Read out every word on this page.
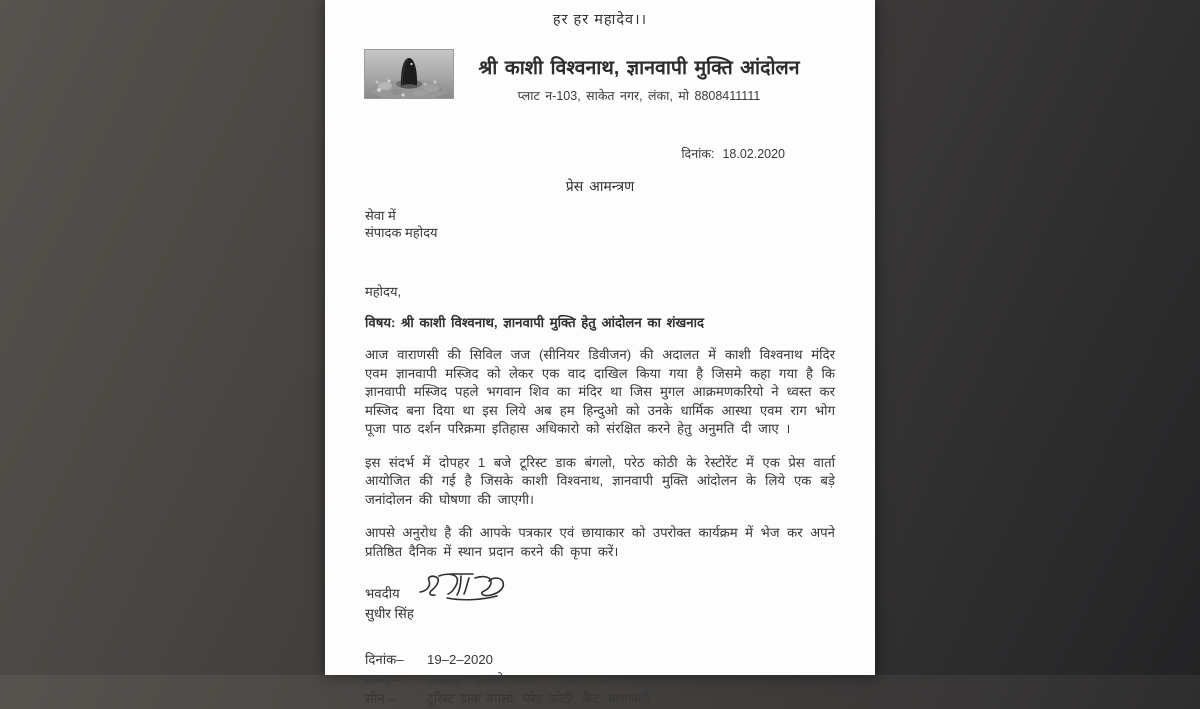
हर हर महादेव।।
श्री काशी विश्वनाथ, ज्ञानवापी मुक्ति आंदोलन
प्लाट न-103, साकेत नगर, लंका, मो 8808411111
दिनांक: 18.02.2020
प्रेस आमन्त्रण
सेवा में
संपादक महोदय
महोदय,
विषय: श्री काशी विश्वनाथ, ज्ञानवापी मुक्ति हेतु आंदोलन का शंखनाद
आज वाराणसी की सिविल जज (सीनियर डिवीजन) की अदालत में काशी विश्वनाथ मंदिर एवम ज्ञानवापी मस्जिद को लेकर एक वाद दाखिल किया गया है जिसमे कहा गया है कि ज्ञानवापी मस्जिद पहले भगवान शिव का मंदिर था जिस मुगल आक्रमणकरियो ने ध्वस्त कर मस्जिद बना दिया था इस लिये अब हम हिन्दुओ को उनके धार्मिक आस्था एवम राग भोग पूजा पाठ दर्शन परिक्रमा इतिहास अधिकारो को संरक्षित करने हेतु अनुमति दी जाए ।
इस संदर्भ में दोपहर 1 बजे टूरिस्ट डाक बंगलो, परेठ कोठी के रेस्टोरेंट में एक प्रेस वार्ता आयोजित की गई है जिसके काशी विश्वनाथ, ज्ञानवापी मुक्ति आंदोलन के लिये एक बड़े जनांदोलन की घोषणा की जाएगी।
आपसे अनुरोध है की आपके पत्रकार एवं छायाकार को उपरोक्त कार्यक्रम में भेज कर अपने प्रतिष्ठित दैनिक में स्थान प्रदान करने की कृपा करें।
भवदीय
सुधीर सिंह
दिनांक–	19–2–2020
समय –	अपराहन 1 बजे
सीन –	टूरिस्ट डाक बंगलो, परेड कोठी, कैंट, वाराणसी
